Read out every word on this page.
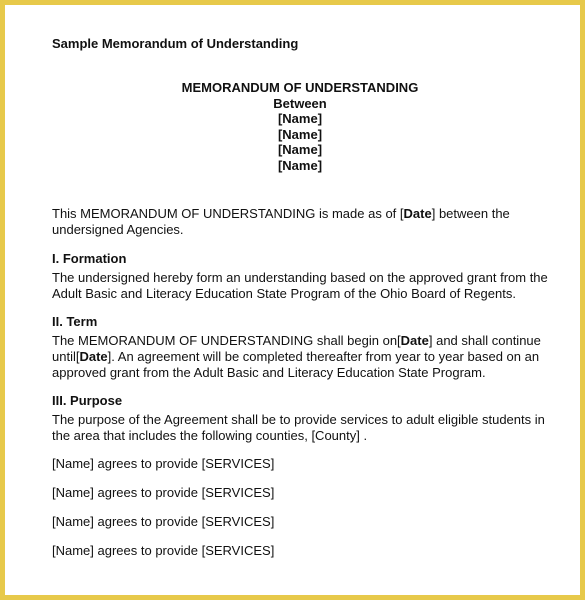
Sample Memorandum of Understanding
MEMORANDUM OF UNDERSTANDING
Between
[Name]
[Name]
[Name]
[Name]
This MEMORANDUM OF UNDERSTANDING is made as of [Date] between the
undersigned Agencies.
I. Formation
The undersigned hereby form an understanding based on the approved grant from the
Adult Basic and Literacy Education State Program of the Ohio Board of Regents.
II. Term
The MEMORANDUM OF UNDERSTANDING shall begin on[Date] and shall continue
until[Date]. An agreement will be completed thereafter from year to year based on an
approved grant from the Adult Basic and Literacy Education State Program.
III. Purpose
The purpose of the Agreement shall be to provide services to adult eligible students in
the area that includes the following counties, [County] .
[Name] agrees to provide [SERVICES]
[Name] agrees to provide [SERVICES]
[Name] agrees to provide [SERVICES]
[Name] agrees to provide [SERVICES]
